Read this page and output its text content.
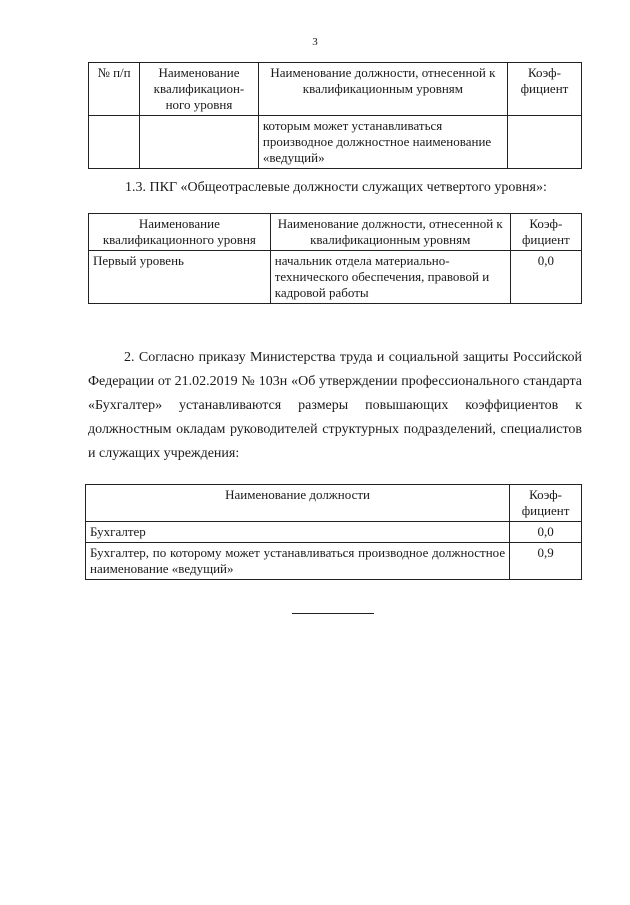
3
№ п/п	Наименование квалификацион-ного уровня	Наименование должности, отнесенной к квалификационным уровням	Коэф-фициент
		которым может устанавливаться производное должностное наименование «ведущий»	
1.3. ПКГ «Общеотраслевые должности служащих четвертого уровня»:
Наименование квалификационного уровня	Наименование должности, отнесенной к квалификационным уровням	Коэф-фициент
Первый уровень	начальник отдела материально-технического обеспечения, правовой и кадровой работы	0,0
2. Согласно приказу Министерства труда и социальной защиты Российской Федерации от 21.02.2019 № 103н «Об утверждении профессионального стандарта «Бухгалтер» устанавливаются размеры повышающих коэффициентов к должностным окладам руководителей структурных подразделений, специалистов и служащих учреждения:
Наименование должности	Коэф-фициент
Бухгалтер	0,0
Бухгалтер, по которому может устанавливаться производное должностное наименование «ведущий»	0,9
